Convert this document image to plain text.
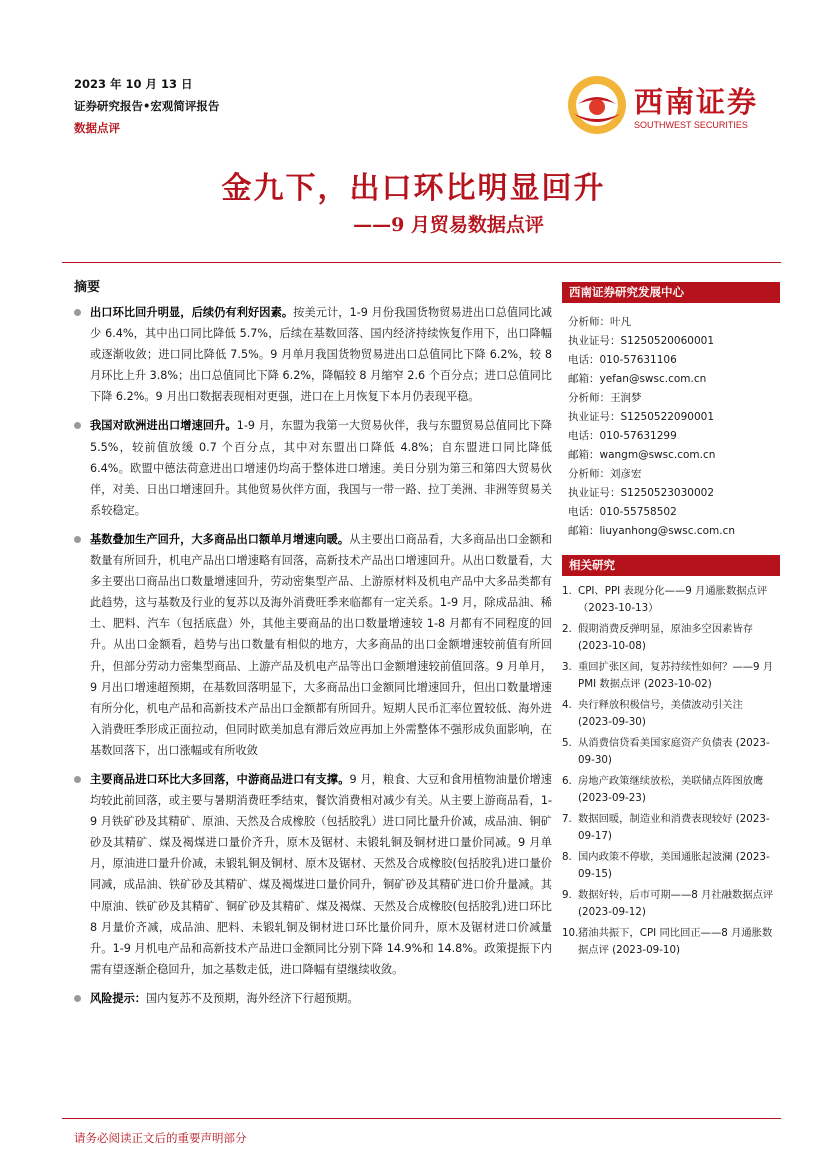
2023 年 10 月 13 日
证券研究报告•宏观简评报告
数据点评
西南证券
SOUTHWEST SECURITIES
金九下，出口环比明显回升
——9 月贸易数据点评
摘要

出口环比回升明显，后续仍有利好因素。按美元计，1-9 月份我国货物贸易进出口总值同比减少 6.4%，其中出口同比降低 5.7%，后续在基数回落、国内经济持续恢复作用下，出口降幅或逐渐收敛；进口同比降低 7.5%。9 月单月我国货物贸易进出口总值同比下降 6.2%，较 8 月环比上升 3.8%；出口总值同比下降 6.2%，降幅较 8 月缩窄 2.6 个百分点；进口总值同比下降 6.2%。9 月出口数据表现相对更强，进口在上月恢复下本月仍表现平稳。

我国对欧洲进出口增速回升。1-9 月，东盟为我第一大贸易伙伴，我与东盟贸易总值同比下降 5.5%，较前值放缓 0.7 个百分点，其中对东盟出口降低 4.8%；自东盟进口同比降低 6.4%。欧盟中德法荷意进出口增速仍均高于整体进口增速。美日分别为第三和第四大贸易伙伴，对美、日出口增速回升。其他贸易伙伴方面，我国与一带一路、拉丁美洲、非洲等贸易关系较稳定。

基数叠加生产回升，大多商品出口额单月增速向暖。从主要出口商品看，大多商品出口金额和数量有所回升，机电产品出口增速略有回落，高新技术产品出口增速回升。从出口数量看，大多主要出口商品出口数量增速回升，劳动密集型产品、上游原材料及机电产品中大多品类都有此趋势，这与基数及行业的复苏以及海外消费旺季来临都有一定关系。1-9 月，除成品油、稀土、肥料、汽车（包括底盘）外，其他主要商品的出口数量增速较 1-8 月都有不同程度的回升。从出口金额看，趋势与出口数量有相似的地方，大多商品的出口金额增速较前值有所回升，但部分劳动力密集型商品、上游产品及机电产品等出口金额增速较前值回落。9 月单月，9 月出口增速超预期，在基数回落明显下，大多商品出口金额同比增速回升，但出口数量增速有所分化，机电产品和高新技术产品出口金额都有所回升。短期人民币汇率位置较低、海外进入消费旺季形成正面拉动，但同时欧美加息有滞后效应再加上外需整体不强形成负面影响，在基数回落下，出口涨幅或有所收敛

主要商品进口环比大多回落，中游商品进口有支撑。9 月，粮食、大豆和食用植物油量价增速均较此前回落，或主要与暑期消费旺季结束，餐饮消费相对减少有关。从主要上游商品看，1-9 月铁矿砂及其精矿、原油、天然及合成橡胶（包括胶乳）进口同比量升价减，成品油、铜矿砂及其精矿、煤及褐煤进口量价齐升，原木及锯材、未锻轧铜及铜材进口量价同减。9 月单月，原油进口量升价减，未锻轧铜及铜材、原木及锯材、天然及合成橡胶(包括胶乳)进口量价同减，成品油、铁矿砂及其精矿、煤及褐煤进口量价同升，铜矿砂及其精矿进口价升量减。其中原油、铁矿砂及其精矿、铜矿砂及其精矿、煤及褐煤、天然及合成橡胶(包括胶乳)进口环比 8 月量价齐减，成品油、肥料、未锻轧铜及铜材进口环比量价同升，原木及锯材进口价减量升。1-9 月机电产品和高新技术产品进口金额同比分别下降 14.9%和 14.8%。政策提振下内需有望逐渐企稳回升，加之基数走低，进口降幅有望继续收敛。

风险提示：国内复苏不及预期，海外经济下行超预期。

西南证券研究发展中心
分析师：叶凡
执业证号：S1250520060001
电话：010-57631106
邮箱：yefan@swsc.com.cn
分析师：王润梦
执业证号：S1250522090001
电话：010-57631299
邮箱：wangm@swsc.com.cn
分析师：刘彦宏
执业证号：S1250523030002
电话：010-55758502
邮箱：liuyanhong@swsc.com.cn
相关研究
1. CPI、PPI 表现分化——9 月通胀数据点评 （2023-10-13）
2. 假期消费反弹明显，原油多空因素皆存 (2023-10-08)
3. 重回扩张区间，复苏持续性如何？——9 月 PMI 数据点评 (2023-10-02)
4. 央行释放积极信号，美债波动引关注 (2023-09-30)
5. 从消费信贷看美国家庭资产负债表 (2023-09-30)
6. 房地产政策继续放松，美联储点阵图放鹰 (2023-09-23)
7. 数据回暖，制造业和消费表现较好 (2023-09-17)
8. 国内政策不停歇，美国通胀起波澜 (2023-09-15)
9. 数据好转，后市可期——8 月社融数据点评 (2023-09-12)
10. 猪油共振下，CPI 同比回正——8 月通胀数据点评 (2023-09-10)
请务必阅读正文后的重要声明部分
